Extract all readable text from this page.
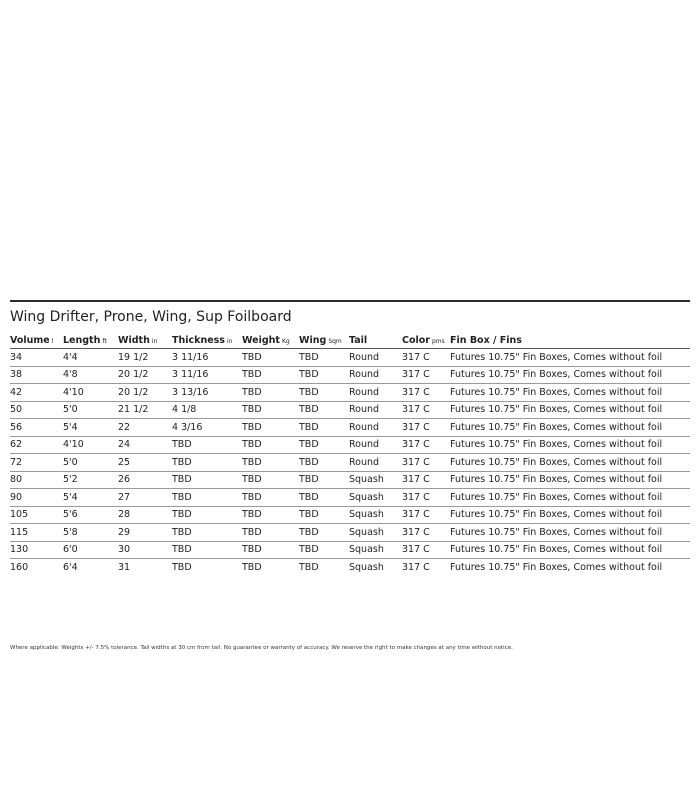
Wing Drifter, Prone, Wing, Sup Foilboard
Volume l	Length ft	Width in	Thickness in	Weight Kg	Wing Sqm	Tail	Color pms	Fin Box / Fins
34	4'4	19 1/2	3 11/16	TBD	TBD	Round	317 C	Futures 10.75" Fin Boxes, Comes without foil
38	4'8	20 1/2	3 11/16	TBD	TBD	Round	317 C	Futures 10.75" Fin Boxes, Comes without foil
42	4'10	20 1/2	3 13/16	TBD	TBD	Round	317 C	Futures 10.75" Fin Boxes, Comes without foil
50	5'0	21 1/2	4 1/8	TBD	TBD	Round	317 C	Futures 10.75" Fin Boxes, Comes without foil
56	5'4	22	4 3/16	TBD	TBD	Round	317 C	Futures 10.75" Fin Boxes, Comes without foil
62	4'10	24	TBD	TBD	TBD	Round	317 C	Futures 10.75" Fin Boxes, Comes without foil
72	5'0	25	TBD	TBD	TBD	Round	317 C	Futures 10.75" Fin Boxes, Comes without foil
80	5'2	26	TBD	TBD	TBD	Squash	317 C	Futures 10.75" Fin Boxes, Comes without foil
90	5'4	27	TBD	TBD	TBD	Squash	317 C	Futures 10.75" Fin Boxes, Comes without foil
105	5'6	28	TBD	TBD	TBD	Squash	317 C	Futures 10.75" Fin Boxes, Comes without foil
115	5'8	29	TBD	TBD	TBD	Squash	317 C	Futures 10.75" Fin Boxes, Comes without foil
130	6'0	30	TBD	TBD	TBD	Squash	317 C	Futures 10.75" Fin Boxes, Comes without foil
160	6'4	31	TBD	TBD	TBD	Squash	317 C	Futures 10.75" Fin Boxes, Comes without foil
Where applicable: Weights +/- 7.5% tolerance. Tail widths at 30 cm from tail. No guarantee or warranty of accuracy. We reserve the right to make changes at any time without notice.
